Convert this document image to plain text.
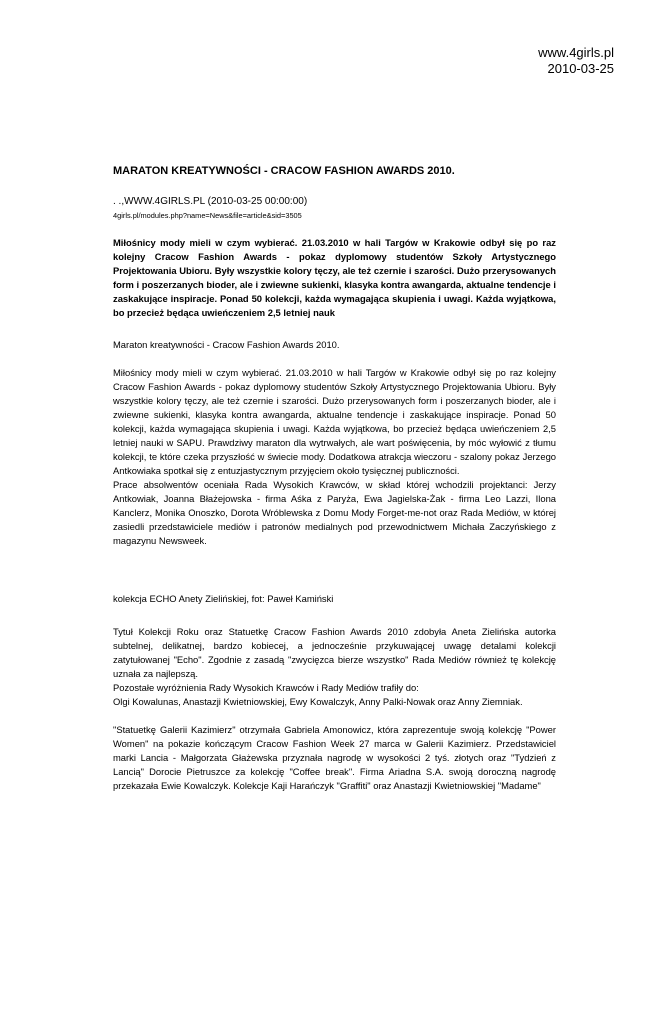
www.4girls.pl
2010-03-25
MARATON KREATYWNOŚCI - CRACOW FASHION AWARDS 2010.

. .,WWW.4GIRLS.PL (2010-03-25 00:00:00)

4girls.pl/modules.php?name=News&file=article&sid=3505

Miłośnicy mody mieli w czym wybierać. 21.03.2010 w hali Targów w Krakowie odbył się po raz kolejny Cracow Fashion Awards - pokaz dyplomowy studentów Szkoły Artystycznego Projektowania Ubioru. Były wszystkie kolory tęczy, ale też czernie i szarości. Dużo przerysowanych form i poszerzanych bioder, ale i zwiewne sukienki, klasyka kontra awangarda, aktualne tendencje i zaskakujące inspiracje. Ponad 50 kolekcji, każda wymagająca skupienia i uwagi. Każda wyjątkowa, bo przecież będąca uwieńczeniem 2,5 letniej nauk

Maraton kreatywności - Cracow Fashion Awards 2010.

Miłośnicy mody mieli w czym wybierać. 21.03.2010 w hali Targów w Krakowie odbył się po raz kolejny Cracow Fashion Awards - pokaz dyplomowy studentów Szkoły Artystycznego Projektowania Ubioru. Były wszystkie kolory tęczy, ale też czernie i szarości. Dużo przerysowanych form i poszerzanych bioder, ale i zwiewne sukienki, klasyka kontra awangarda, aktualne tendencje i zaskakujące inspiracje. Ponad 50 kolekcji, każda wymagająca skupienia i uwagi. Każda wyjątkowa, bo przecież będąca uwieńczeniem 2,5 letniej nauki w SAPU. Prawdziwy maraton dla wytrwałych, ale wart poświęcenia, by móc wyłowić z tłumu kolekcji, te które czeka przyszłość w świecie mody. Dodatkowa atrakcja wieczoru - szalony pokaz Jerzego Antkowiaka spotkał się z entuzjastycznym przyjęciem około tysięcznej publiczności.

Prace absolwentów oceniała Rada Wysokich Krawców, w skład której wchodzili projektanci: Jerzy Antkowiak, Joanna Błażejowska - firma Aśka z Paryża, Ewa Jagielska-Żak - firma Leo Lazzi, Ilona Kanclerz, Monika Onoszko, Dorota Wróblewska z Domu Mody Forget-me-not oraz Rada Mediów, w której zasiedli przedstawiciele mediów i patronów medialnych pod przewodnictwem Michała Zaczyńskiego z magazynu Newsweek.

kolekcja ECHO Anety Zielińskiej, fot: Paweł Kamiński

Tytuł Kolekcji Roku oraz Statuetkę Cracow Fashion Awards 2010 zdobyła Aneta Zielińska autorka subtelnej, delikatnej, bardzo kobiecej, a jednocześnie przykuwającej uwagę detalami kolekcji zatytułowanej "Echo". Zgodnie z zasadą "zwycięzca bierze wszystko" Rada Mediów również tę kolekcję uznała za najlepszą.

Pozostałe wyróżnienia Rady Wysokich Krawców i Rady Mediów trafiły do:

Olgi Kowalunas, Anastazji Kwietniowskiej, Ewy Kowalczyk, Anny Palki-Nowak oraz Anny Ziemniak.

"Statuetkę Galerii Kazimierz" otrzymała Gabriela Amonowicz, która zaprezentuje swoją kolekcję "Power Women" na pokazie kończącym Cracow Fashion Week 27 marca w Galerii Kazimierz. Przedstawiciel marki Lancia - Małgorzata Głażewska przyznała nagrodę w wysokości 2 tyś. złotych oraz "Tydzień z Lancią" Dorocie Pietruszce za kolekcję "Coffee break". Firma Ariadna S.A. swoją doroczną nagrodę przekazała Ewie Kowalczyk. Kolekcje Kaji Harańczyk "Graffiti" oraz Anastazji Kwietniowskiej "Madame"
